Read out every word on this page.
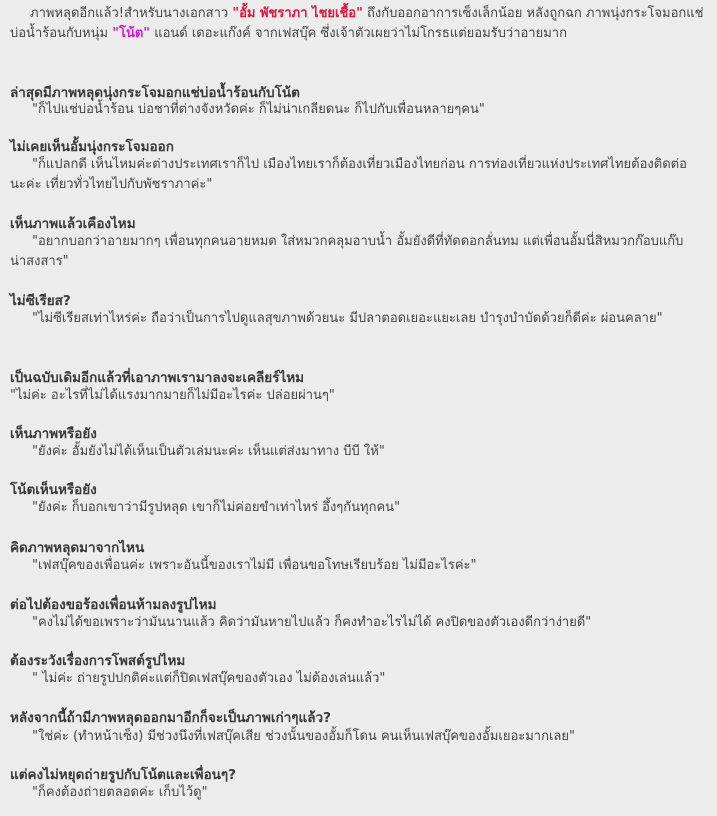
ภาพหลุดอีกแล้ว!สำหรับนางเอกสาว "อั้ม พัชราภา ไชยเชื้อ" ถึงกับออกอาการเซ็งเล็กน้อย หลังถูกฉก ภาพนุ่งกระโจมอกแช่บ่อน้ำร้อนกับหนุ่ม "โน้ต" แอนด์ เดอะแก๊งค์ จากเฟสบุ๊ค ซึ่งเจ้าตัวเผยว่าไม่โกรธแต่ยอมรับว่าอายมาก
ล่าสุดมีภาพหลุดนุ่งกระโจมอกแช่บ่อน้ำร้อนกับโน้ต
"ก็ไปแช่บ่อน้ำร้อน บ่อชาที่ต่างจังหวัดค่ะ ก็ไม่น่าเกลียดนะ ก็ไปกับเพื่อนหลายๆคน"
ไม่เคยเห็นอั้มนุ่งกระโจมออก
"ก็แปลกดี เห็นไหมค่ะต่างประเทศเราก็ไป เมืองไทยเราก็ต้องเที่ยวเมืองไทยก่อน การท่องเที่ยวแห่งประเทศไทยต้องติดต่อนะค่ะ เที่ยวทั่วไทยไปกับพัชราภาค่ะ"
เห็นภาพแล้วเคืองไหม
"อยากบอกว่าอายมากๆ เพื่อนทุกคนอายหมด ใส่หมวกคลุมอาบน้ำ อั้มยังดีที่ทัดดอกลั่นทม แต่เพื่อนอั้มนี่สิหมวกก๊อบแก๊บ น่าสงสาร"
ไม่ซีเรียส?
"ไม่ซีเรียสเท่าไหร่ค่ะ ถือว่าเป็นการไปดูแลสุขภาพด้วยนะ มีปลาตอดเยอะแยะเลย บำรุงบำบัดด้วยก็ดีค่ะ ผ่อนคลาย"
เป็นฉบับเดิมอีกแล้วที่เอาภาพเรามาลงจะเคลียร์ไหม
"ไม่ค่ะ อะไรที่ไม่ได้แรงมากมายก็ไม่มีอะไรค่ะ ปล่อยผ่านๆ"
เห็นภาพหรือยัง
"ยังค่ะ อั้มยังไม่ได้เห็นเป็นตัวเล่มนะค่ะ เห็นแต่ส่งมาทาง บีบี ให้"
โน้ตเห็นหรือยัง
"ยังค่ะ ก็บอกเขาว่ามีรูปหลุด เขาก็ไม่ค่อยขำเท่าไหร่ อึ้งๆกันทุกคน"
คิดภาพหลุดมาจากไหน
"เฟสบุ๊คของเพื่อนค่ะ เพราะอันนี้ของเราไม่มี เพื่อนขอโทษเรียบร้อย ไม่มีอะไรค่ะ"
ต่อไปต้องขอร้องเพื่อนห้ามลงรูปไหม
"คงไม่ได้ขอเพราะว่ามันนานแล้ว คิดว่ามันหายไปแล้ว ก็คงทำอะไรไม่ได้ คงปิดของตัวเองดีกว่าง่ายดี"
ต้องระวังเรื่องการโพสต์รูปไหม
" ไม่ค่ะ ถ่ายรูปปกติค่ะแต่ก็ปิดเฟสบุ๊คของตัวเอง ไม่ต้องเล่นแล้ว"
หลังจากนี้ถ้ามีภาพหลุดออกมาอีกก็จะเป็นภาพเก่าๆแล้ว?
"ใช่ค่ะ (ทำหน้าเซ็ง) มีช่วงนึงที่เฟสบุ๊คเสีย ช่วงนั้นของอั้มก็โดน คนเห็นเฟสบุ๊คของอั้มเยอะมากเลย"
แต่คงไม่หยุดถ่ายรูปกับโน้ตและเพื่อนๆ?
"ก็คงต้องถ่ายตลอดค่ะ เก็บไว้ดู"
